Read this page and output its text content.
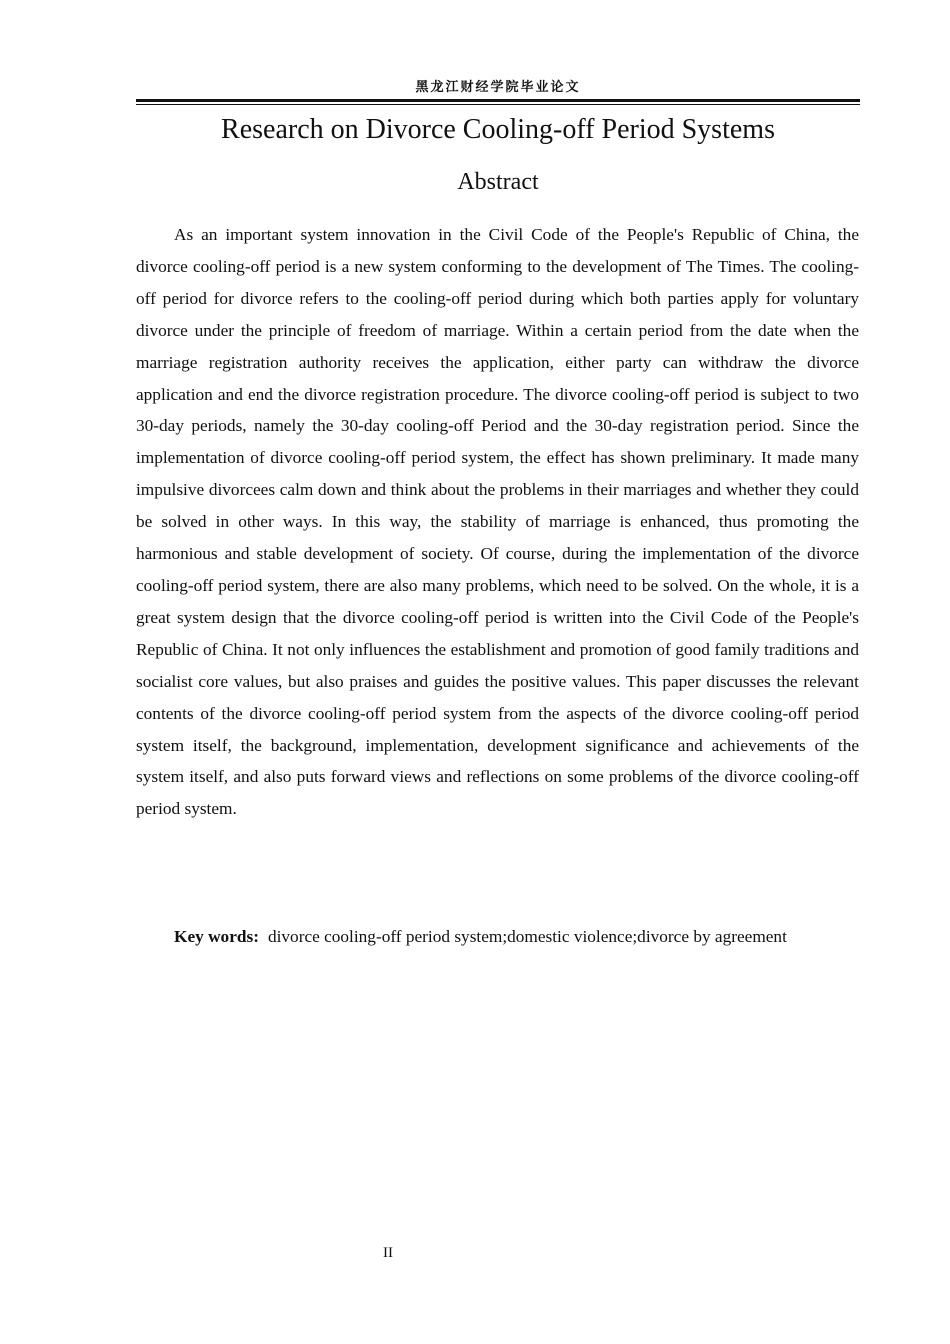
黑龙江财经学院毕业论文
Research on Divorce Cooling-off Period Systems
Abstract

As an important system innovation in the Civil Code of the People's Republic of China, the divorce cooling-off period is a new system conforming to the development of The Times. The cooling-off period for divorce refers to the cooling-off period during which both parties apply for voluntary divorce under the principle of freedom of marriage. Within a certain period from the date when the marriage registration authority receives the application, either party can withdraw the divorce application and end the divorce registration procedure. The divorce cooling-off period is subject to two 30-day periods, namely the 30-day cooling-off Period and the 30-day registration period. Since the implementation of divorce cooling-off period system, the effect has shown preliminary. It made many impulsive divorcees calm down and think about the problems in their marriages and whether they could be solved in other ways. In this way, the stability of marriage is enhanced, thus promoting the harmonious and stable development of society. Of course, during the implementation of the divorce cooling-off period system, there are also many problems, which need to be solved. On the whole, it is a great system design that the divorce cooling-off period is written into the Civil Code of the People's Republic of China. It not only influences the establishment and promotion of good family traditions and socialist core values, but also praises and guides the positive values. This paper discusses the relevant contents of the divorce cooling-off period system from the aspects of the divorce cooling-off period system itself, the background, implementation, development significance and achievements of the system itself, and also puts forward views and reflections on some problems of the divorce cooling-off period system.

Key words: divorce cooling-off period system;domestic violence;divorce by agreement

II
